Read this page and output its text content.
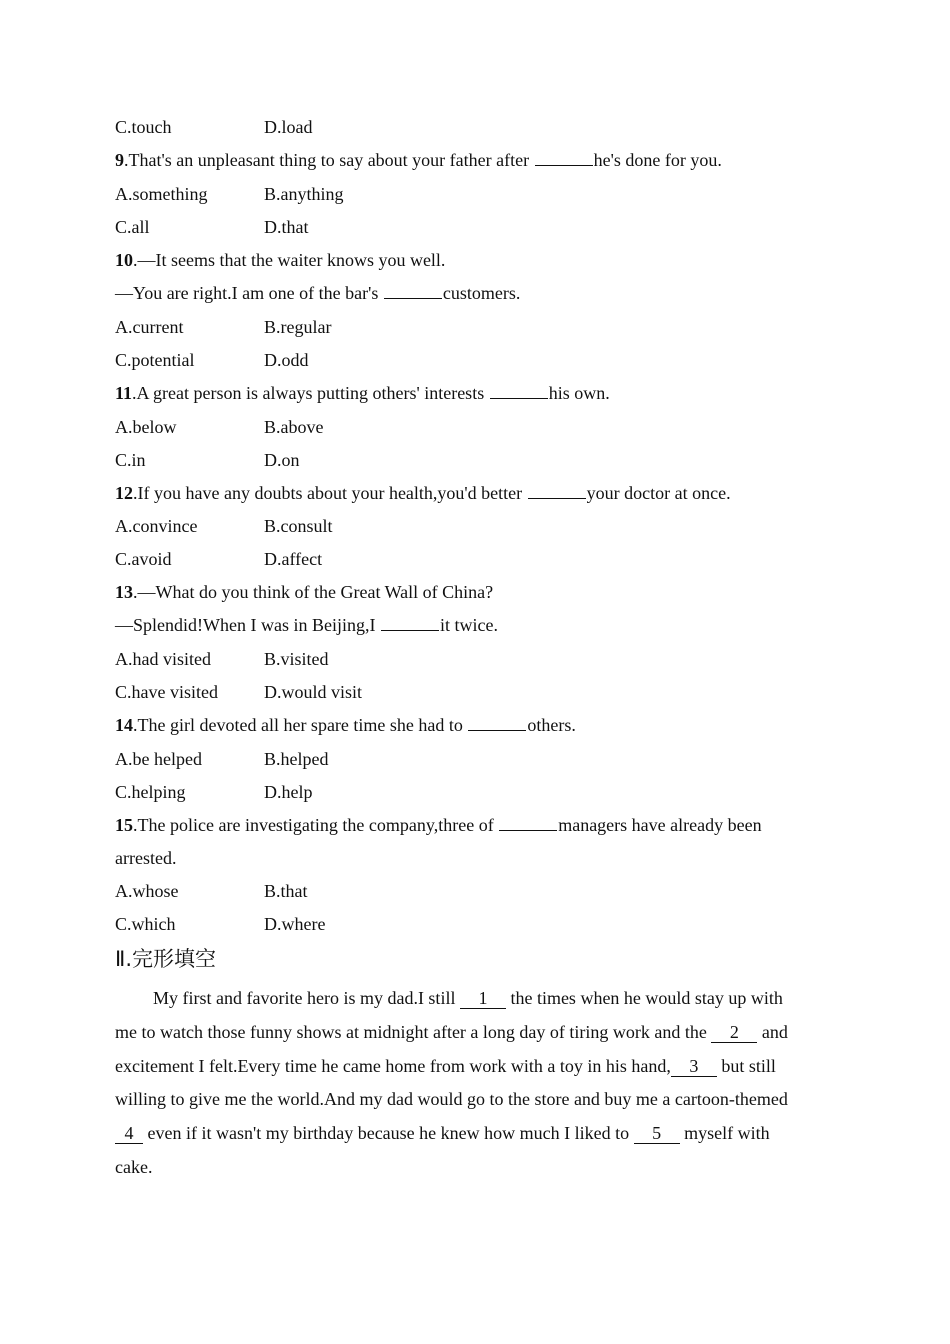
C.touch	D.load
9.That's an unpleasant thing to say about your father after	he's done for you.
A.something	B.anything
C.all	D.that
10.—It seems that the waiter knows you well.
—You are right.I am one of the bar's	customers.
A.current	B.regular
C.potential	D.odd
11.A great person is always putting others' interests	his own.
A.below	B.above
C.in	D.on
12.If you have any doubts about your health,you'd better	your doctor at once.
A.convince	B.consult
C.avoid	D.affect
13.—What do you think of the Great Wall of China?
—Splendid!When I was in Beijing,I	it twice.
A.had visited	B.visited
C.have visited	D.would visit
14.The girl devoted all her spare time she had to	others.
A.be helped	B.helped
C.helping	D.help
15.The police are investigating the company,three of	managers have already been
arrested.
A.whose	B.that
C.which	D.where
Ⅱ.完形填空
My first and favorite hero is my dad.I still 1 the times when he would stay up with
me to watch those funny shows at midnight after a long day of tiring work and the 2 and
excitement I felt.Every time he came home from work with a toy in his hand, 3 but still
willing to give me the world.And my dad would go to the store and buy me a cartoon-themed
4 even if it wasn't my birthday because he knew how much I liked to 5 myself with
cake.
